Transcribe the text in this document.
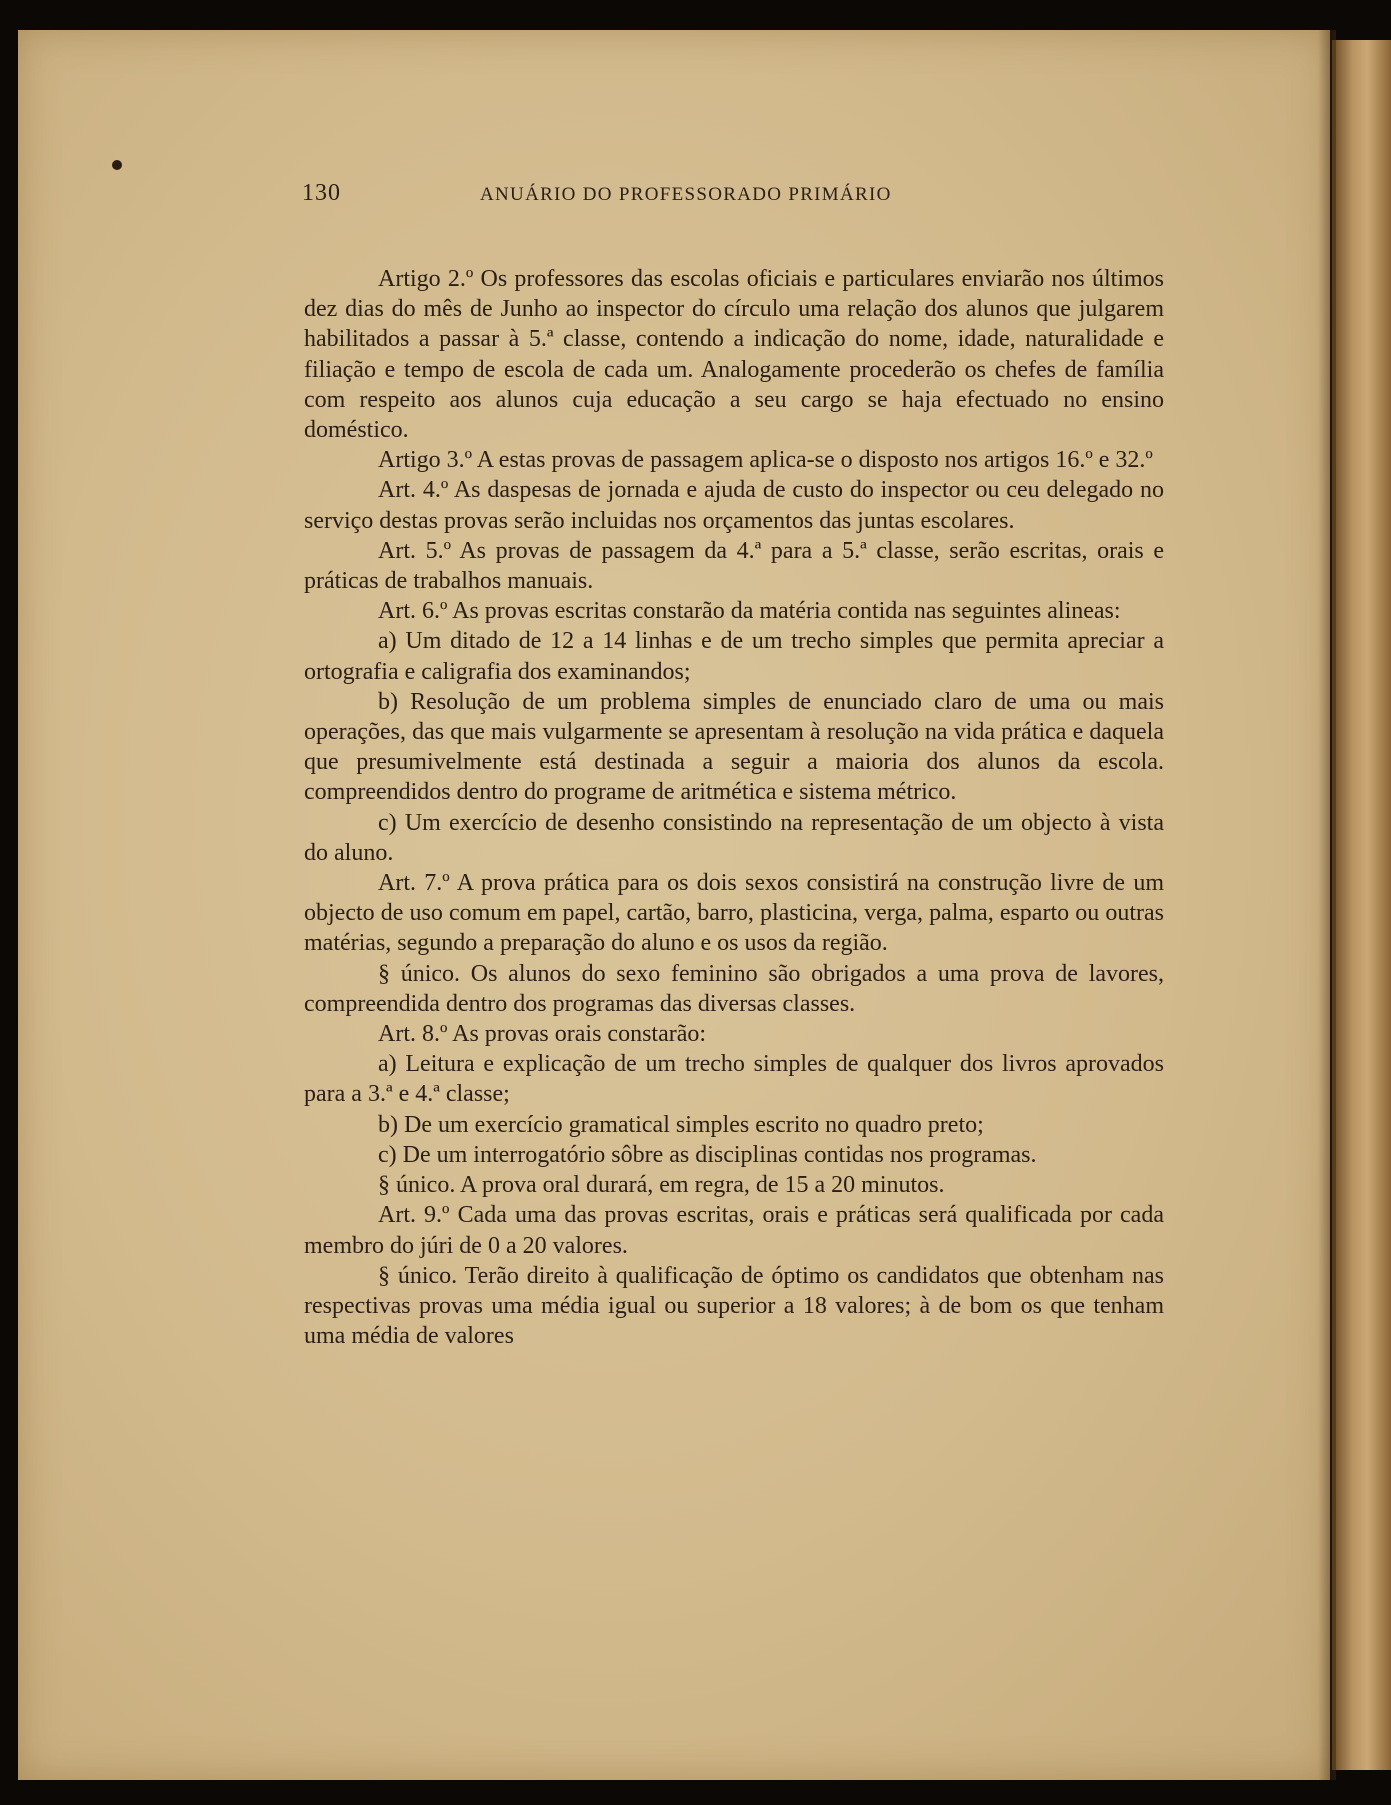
130	ANUÁRIO DO PROFESSORADO PRIMÁRIO

Artigo 2.º Os professores das escolas oficiais e particulares enviarão nos últimos dez dias do mês de Junho ao inspector do círculo uma relação dos alunos que julgarem habilitados a passar à 5.ª classe, contendo a indicação do nome, idade, naturalidade e filiação e tempo de escola de cada um. Analogamente procederão os chefes de família com respeito aos alunos cuja educação a seu cargo se haja efectuado no ensino doméstico.

Artigo 3.º A estas provas de passagem aplica-se o disposto nos artigos 16.º e 32.º

Art. 4.º As daspesas de jornada e ajuda de custo do inspector ou ceu delegado no serviço destas provas serão incluidas nos orçamentos das juntas escolares.

Art. 5.º As provas de passagem da 4.ª para a 5.ª classe, serão escritas, orais e práticas de trabalhos manuais.

Art. 6.º As provas escritas constarão da matéria contida nas seguintes alineas:

a) Um ditado de 12 a 14 linhas e de um trecho simples que permita apreciar a ortografia e caligrafia dos examinandos;

b) Resolução de um problema simples de enunciado claro de uma ou mais operações, das que mais vulgarmente se apresentam à resolução na vida prática e daquela que presumivelmente está destinada a seguir a maioria dos alunos da escola. compreendidos dentro do programe de aritmética e sistema métrico.

c) Um exercício de desenho consistindo na representação de um objecto à vista do aluno.

Art. 7.º A prova prática para os dois sexos consistirá na construção livre de um objecto de uso comum em papel, cartão, barro, plasticina, verga, palma, esparto ou outras matérias, segundo a preparação do aluno e os usos da região.

§ único. Os alunos do sexo feminino são obrigados a uma prova de lavores, compreendida dentro dos programas das diversas classes.

Art. 8.º As provas orais constarão:

a) Leitura e explicação de um trecho simples de qualquer dos livros aprovados para a 3.ª e 4.ª classe;

b) De um exercício gramatical simples escrito no quadro preto;

c) De um interrogatório sôbre as disciplinas contidas nos programas.

§ único. A prova oral durará, em regra, de 15 a 20 minutos.

Art. 9.º Cada uma das provas escritas, orais e práticas será qualificada por cada membro do júri de 0 a 20 valores.

§ único. Terão direito à qualificação de óptimo os candidatos que obtenham nas respectivas provas uma média igual ou superior a 18 valores; à de bom os que tenham uma média de valores
